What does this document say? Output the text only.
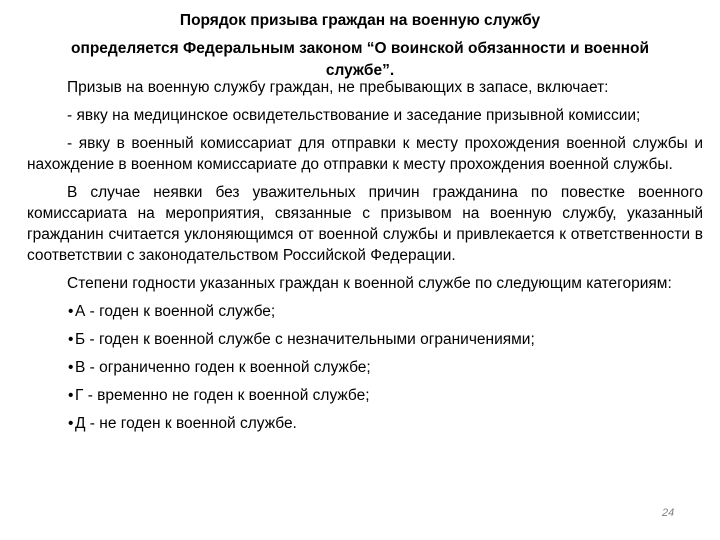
Порядок призыва граждан на военную службу
определяется Федеральным законом “О воинской обязанности и военной службе”.

Призыв на военную службу граждан, не пребывающих в запасе, включает:

- явку на медицинское освидетельствование и заседание призывной комиссии;

- явку в военный комиссариат для отправки к месту прохождения военной службы и нахождение в военном комиссариате до отправки к месту прохождения военной службы.

В случае неявки без уважительных причин гражданина по повестке военного комиссариата на мероприятия, связанные с призывом на военную службу, указанный гражданин считается уклоняющимся от военной службы и привлекается к ответственности в соответствии с законодательством Российской Федерации.

Степени годности указанных граждан к военной службе по следующим категориям:

• А - годен к военной службе;
• Б - годен к военной службе с незначительными ограничениями;
• В - ограниченно годен к военной службе;
• Г - временно не годен к военной службе;
• Д - не годен к военной службе.
24
